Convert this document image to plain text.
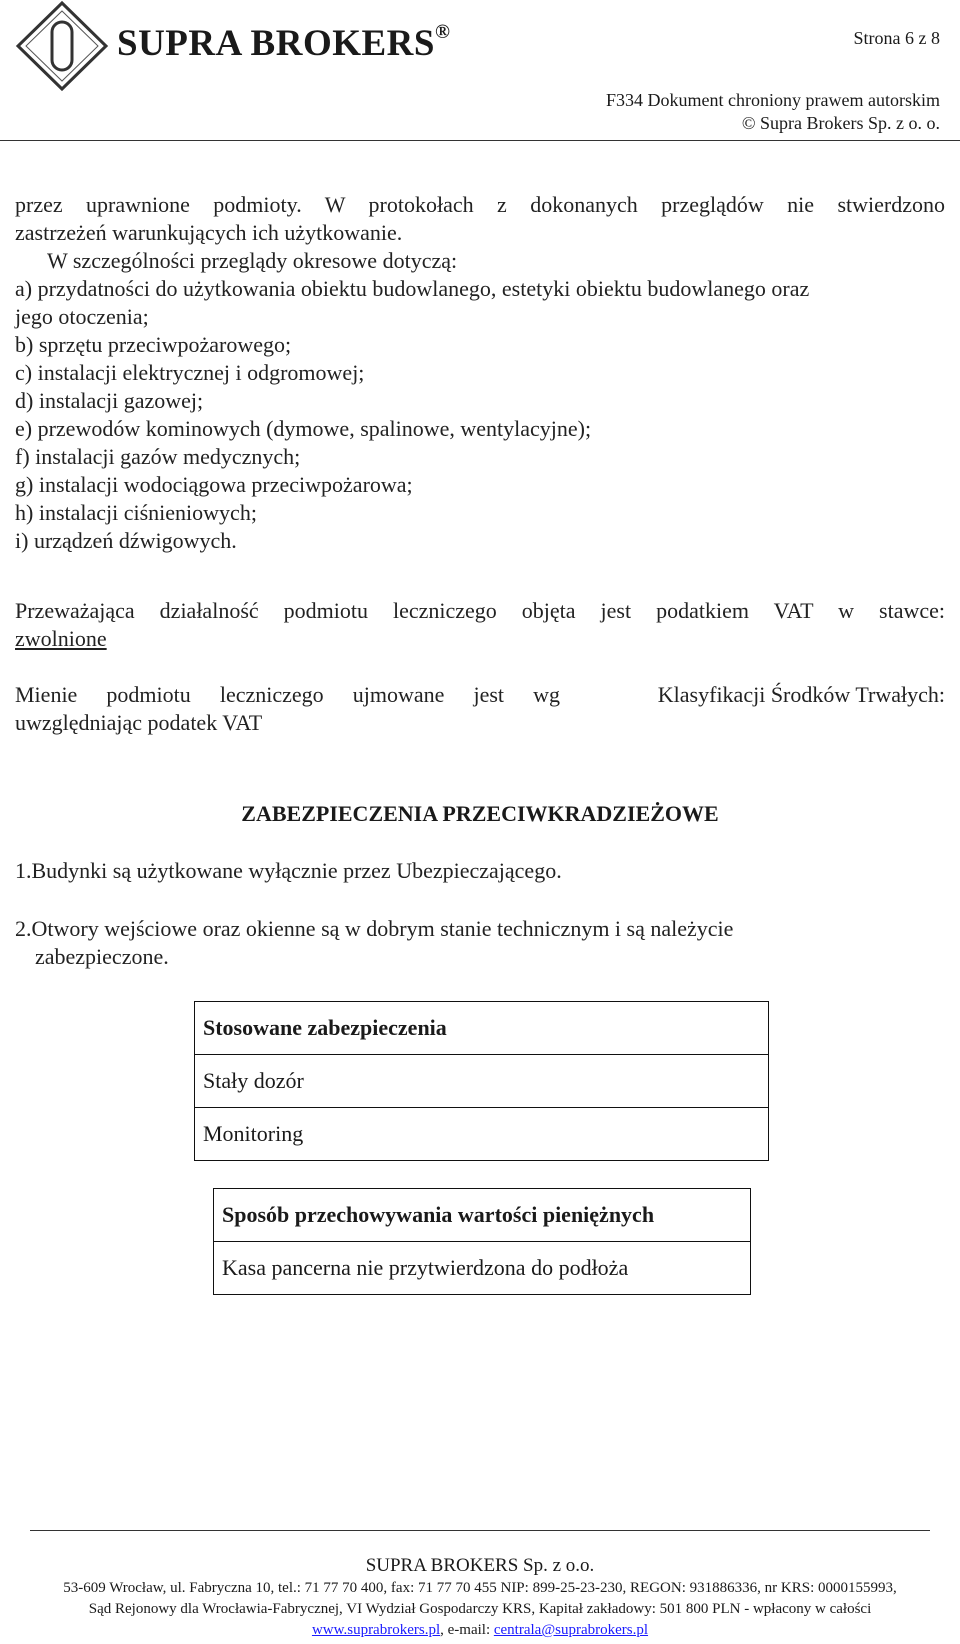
SUPRA BROKERS®	Strona 6 z 8
F334 Dokument chroniony prawem autorskim
© Supra Brokers Sp. z o. o.
przez uprawnione podmioty. W protokołach z dokonanych przeglądów nie stwierdzono
zastrzeżeń warunkujących ich użytkowanie.
W szczególności przeglądy okresowe dotyczą:
a) przydatności do użytkowania obiektu budowlanego, estetyki obiektu budowlanego oraz
jego otoczenia;
b) sprzętu przeciwpożarowego;
c) instalacji elektrycznej i odgromowej;
d) instalacji gazowej;
e) przewodów kominowych (dymowe, spalinowe, wentylacyjne);
f) instalacji gazów medycznych;
g) instalacji wodociągowa przeciwpożarowa;
h) instalacji ciśnieniowych;
i) urządzeń dźwigowych.
Przeważająca działalność podmiotu leczniczego objęta jest podatkiem VAT w stawce:
zwolnione
Mienie podmiotu leczniczego ujmowane jest wg	Klasyfikacji Środków Trwałych:
uwzględniając podatek VAT
ZABEZPIECZENIA PRZECIWKRADZIEŻOWE
1.Budynki są użytkowane wyłącznie przez Ubezpieczającego.
2.Otwory wejściowe oraz okienne są w dobrym stanie technicznym i są należycie
zabezpieczone.
Stosowane zabezpieczenia
Stały dozór
Monitoring
Sposób przechowywania wartości pieniężnych
Kasa pancerna nie przytwierdzona do podłoża
SUPRA BROKERS Sp. z o.o.
53-609 Wrocław, ul. Fabryczna 10, tel.: 71 77 70 400, fax: 71 77 70 455 NIP: 899-25-23-230, REGON: 931886336, nr KRS: 0000155993,
Sąd Rejonowy dla Wrocławia-Fabrycznej, VI Wydział Gospodarczy KRS, Kapitał zakładowy: 501 800 PLN - wpłacony w całości
www.suprabrokers.pl, e-mail: centrala@suprabrokers.pl
